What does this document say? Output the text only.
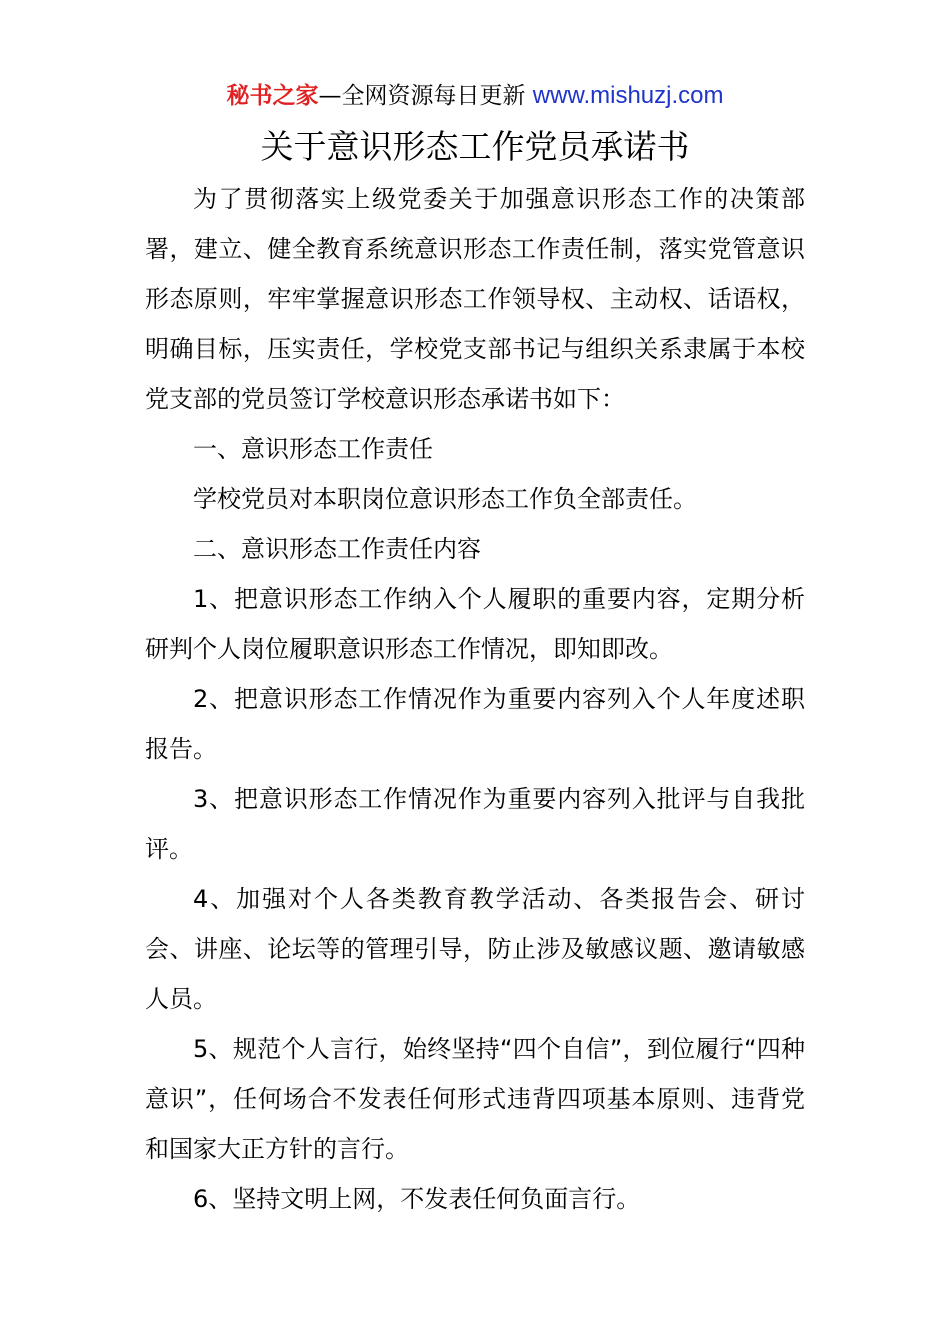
秘书之家—全网资源每日更新 www.mishuzj.com
关于意识形态工作党员承诺书

为了贯彻落实上级党委关于加强意识形态工作的决策部署，建立、健全教育系统意识形态工作责任制，落实党管意识形态原则，牢牢掌握意识形态工作领导权、主动权、话语权，明确目标，压实责任，学校党支部书记与组织关系隶属于本校党支部的党员签订学校意识形态承诺书如下：

一、意识形态工作责任

学校党员对本职岗位意识形态工作负全部责任。

二、意识形态工作责任内容

1、把意识形态工作纳入个人履职的重要内容，定期分析研判个人岗位履职意识形态工作情况，即知即改。

2、把意识形态工作情况作为重要内容列入个人年度述职报告。

3、把意识形态工作情况作为重要内容列入批评与自我批评。

4、加强对个人各类教育教学活动、各类报告会、研讨会、讲座、论坛等的管理引导，防止涉及敏感议题、邀请敏感人员。

5、规范个人言行，始终坚持“四个自信”，到位履行“四种意识”，任何场合不发表任何形式违背四项基本原则、违背党和国家大正方针的言行。

6、坚持文明上网，不发表任何负面言行。
